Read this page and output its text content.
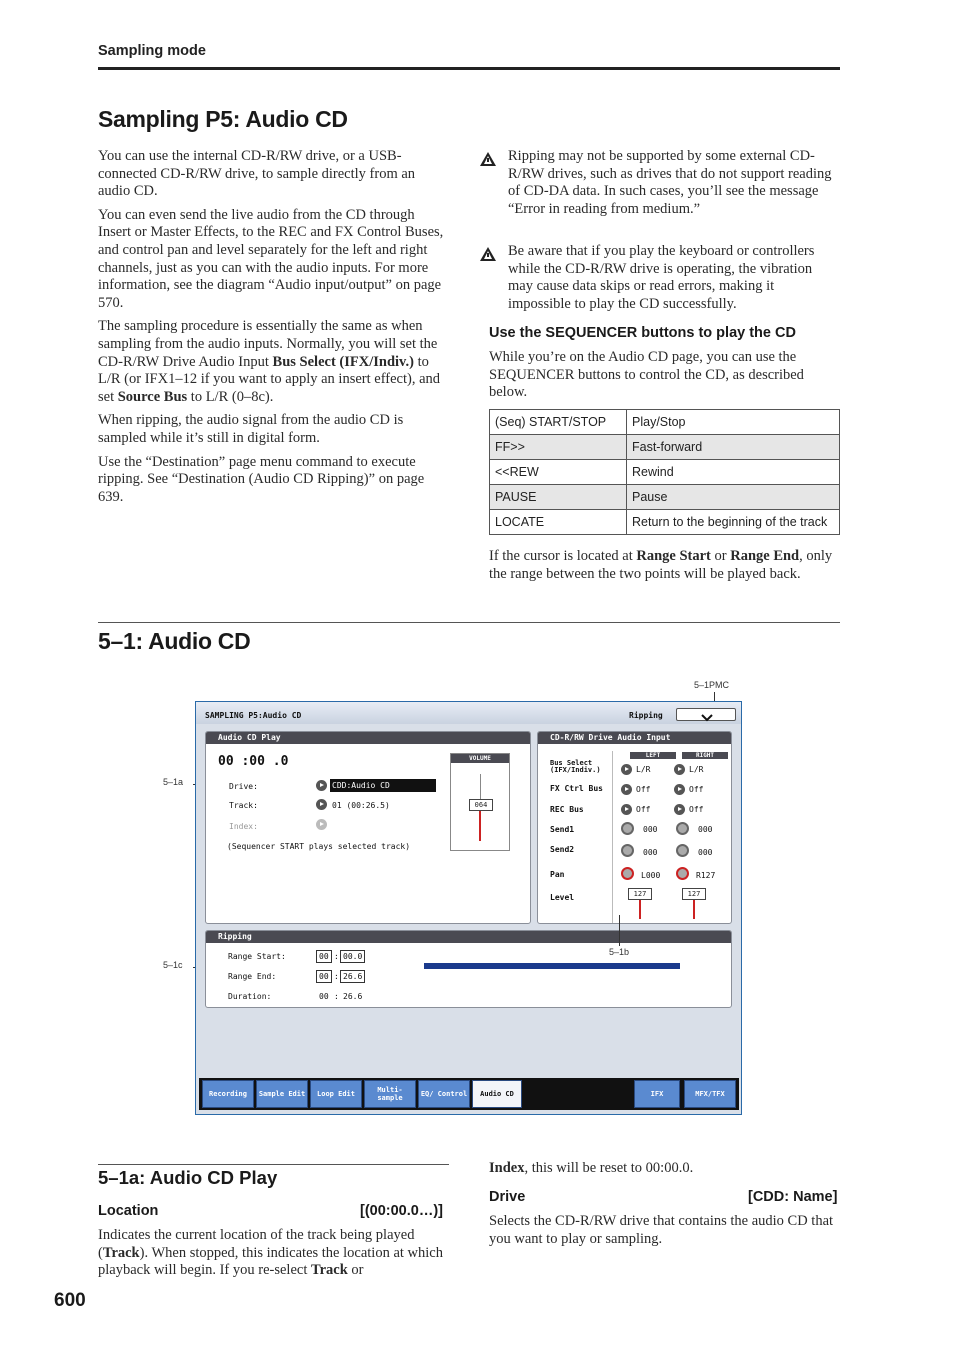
Sampling mode
Sampling P5: Audio CD

You can use the internal CD-R/RW drive, or a USB-connected CD-R/RW drive, to sample directly from an audio CD.

You can even send the live audio from the CD through Insert or Master Effects, to the REC and FX Control Buses, and control pan and level separately for the left and right channels, just as you can with the audio inputs. For more information, see the diagram “Audio input/output” on page 570.

The sampling procedure is essentially the same as when sampling from the audio inputs. Normally, you will set the CD-R/RW Drive Audio Input Bus Select (IFX/Indiv.) to L/R (or IFX1–12 if you want to apply an insert effect), and set Source Bus to L/R (0–8c).

When ripping, the audio signal from the audio CD is sampled while it’s still in digital form.

Use the “Destination” page menu command to execute ripping. See “Destination (Audio CD Ripping)” on page 639.

Ripping may not be supported by some external CD-R/RW drives, such as drives that do not support reading of CD-DA data. In such cases, you’ll see the message “Error in reading from medium.”
Be aware that if you play the keyboard or controllers while the CD-R/RW drive is operating, the vibration may cause data skips or read errors, making it impossible to play the CD successfully.
Use the SEQUENCER buttons to play the CD
While you’re on the Audio CD page, you can use the SEQUENCER buttons to control the CD, as described below.
(Seq) START/STOP	Play/Stop
FF>>	Fast-forward
<<REW	Rewind
PAUSE	Pause
LOCATE	Return to the beginning of the track
If the cursor is located at Range Start or Range End, only the range between the two points will be played back.
5–1: Audio CD
5–1PMC
5–1a
5–1c
SAMPLING P5:Audio CD	Ripping
Audio CD Play
00 :00 .0
Drive:	CDD:Audio CD
Track:	01 (00:26.5)
Index:
(Sequencer START plays selected track)
VOLUME
064
CD-R/RW Drive Audio Input
LEFT	RIGHT
Bus Select (IFX/Indiv.)	L/R	L/R
FX Ctrl Bus	Off	Off
REC Bus	Off	Off
Send1	000	000
Send2	000	000
Pan	L000	R127
Level	127	127
Ripping
Range Start:	00 : 00.0
Range End:	00 : 26.6
Duration:	00 : 26.6
Recording	Sample Edit	Loop Edit	Multi-sample	EQ/ Control	Audio CD	IFX	MFX/TFX
5–1b
5–1a: Audio CD Play
Location	[(00:00.0…)]
Indicates the current location of the track being played (Track). When stopped, this indicates the location at which playback will begin. If you re-select Track or
Index, this will be reset to 00:00.0.
Drive	[CDD: Name]
Selects the CD-R/RW drive that contains the audio CD that you want to play or sampling.
600
